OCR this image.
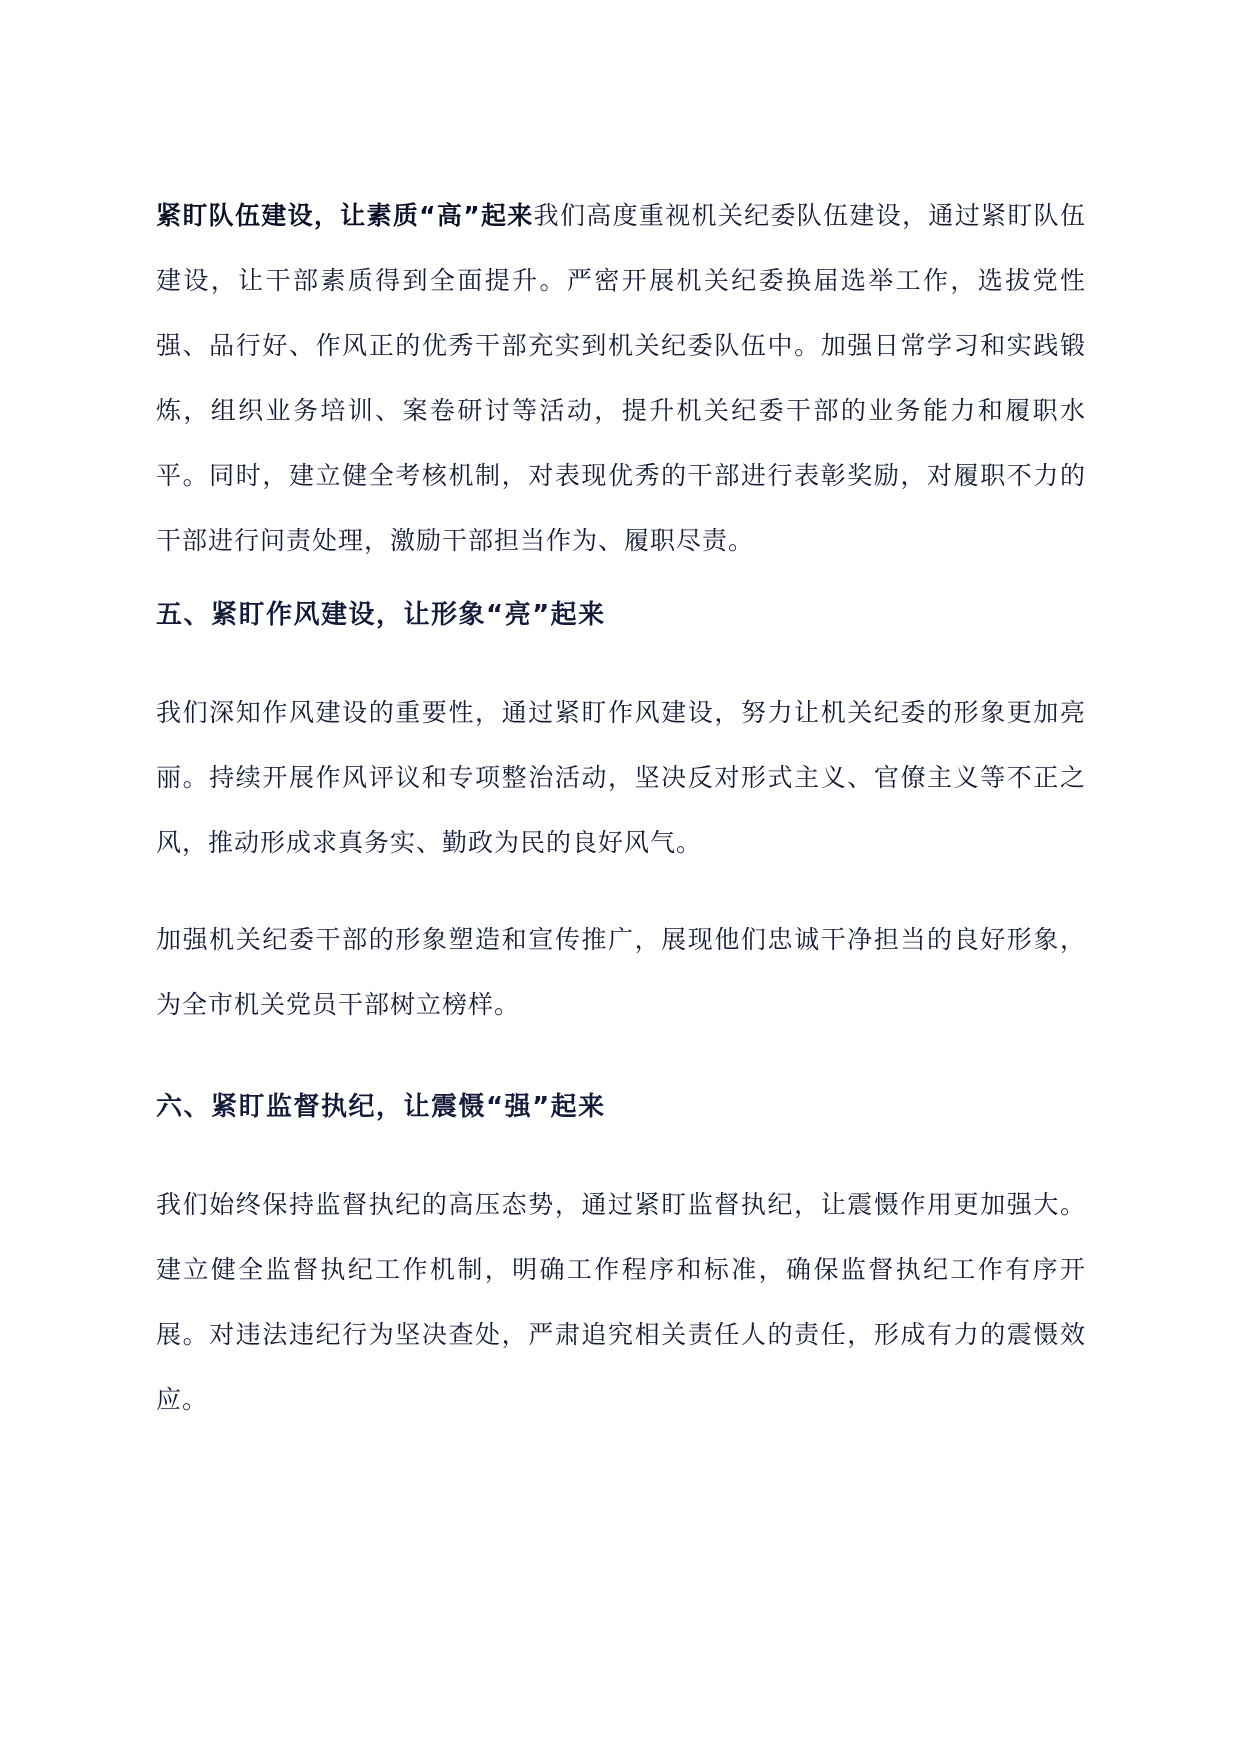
紧盯队伍建设，让素质“高”起来我们高度重视机关纪委队伍建设，通过紧盯队伍建设，让干部素质得到全面提升。严密开展机关纪委换届选举工作，选拔党性强、品行好、作风正的优秀干部充实到机关纪委队伍中。加强日常学习和实践锻炼，组织业务培训、案卷研讨等活动，提升机关纪委干部的业务能力和履职水平。同时，建立健全考核机制，对表现优秀的干部进行表彰奖励，对履职不力的干部进行问责处理，激励干部担当作为、履职尽责。

五、紧盯作风建设，让形象“亮”起来

我们深知作风建设的重要性，通过紧盯作风建设，努力让机关纪委的形象更加亮丽。持续开展作风评议和专项整治活动，坚决反对形式主义、官僚主义等不正之风，推动形成求真务实、勤政为民的良好风气。

加强机关纪委干部的形象塑造和宣传推广，展现他们忠诚干净担当的良好形象，为全市机关党员干部树立榜样。

六、紧盯监督执纪，让震慑“强”起来

我们始终保持监督执纪的高压态势，通过紧盯监督执纪，让震慑作用更加强大。建立健全监督执纪工作机制，明确工作程序和标准，确保监督执纪工作有序开展。对违法违纪行为坚决查处，严肃追究相关责任人的责任，形成有力的震慑效应。
